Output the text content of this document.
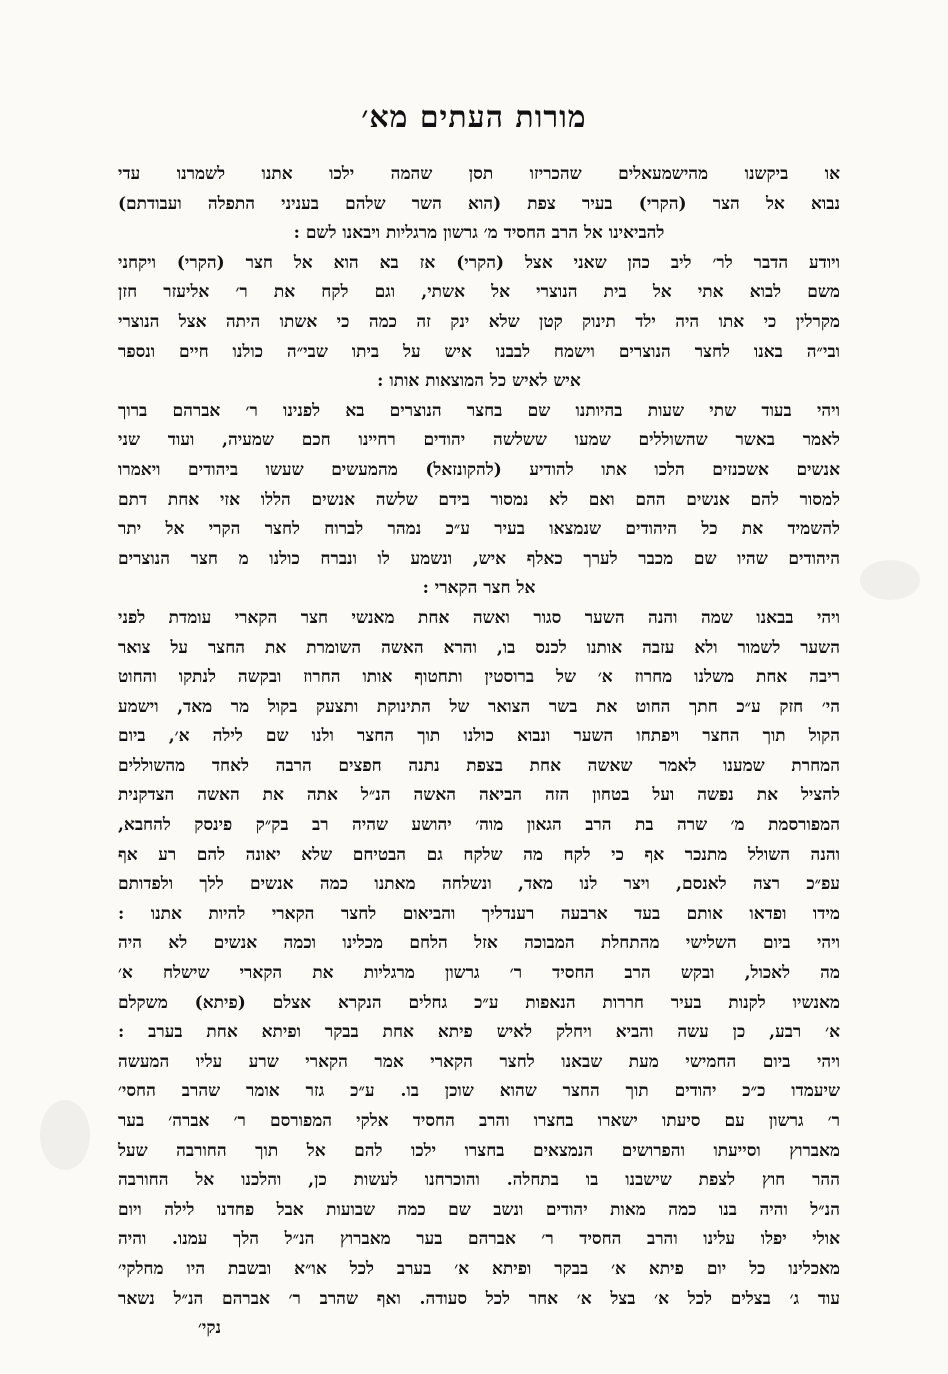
מורות העתים מא׳
או ביקשנו מהישמעאלים שהכריזו תסן שהמה ילכו אתנו לשמרנו עדי
נבוא אל הצר (הקרי) בעיר צפת (הוא השר שלהם בעניני התפלה ועבודתם)
להביאינו אל הרב החסיד מ׳ גרשון מרגליות ויבאנו לשם :
ויודע הדבר לר׳ ליב כהן שאני אצל (הקרי) אז בא הוא אל חצר (הקרי) ויקחני
משם לבוא אתי אל בית הנוצרי אל אשתי, וגם לקח את ר׳ אליעזר חזן
מקרלין כי אתו היה ילד תינוק קטן שלא ינק זה כמה כי אשתו היתה אצל הנוצרי
ובי״ה באנו לחצר הנוצרים וישמח לבבנו איש על ביתו שבי״ה כולנו חיים ונספר
איש לאיש כל המוצאות אותו :
ויהי בעוד שתי שעות בהיותנו שם בחצר הנוצרים בא לפנינו ר׳ אברהם ברוך
לאמר באשר שהשוללים שמעו ששלשה יהודים רחיינו חכם שמעיה, ועוד שני
אנשים אשכנזים הלכו אתו להודיע (להקונזאל) מהמעשים שעשו ביהודים ויאמרו
למסור להם אנשים ההם ואם לא נמסור בידם שלשה אנשים הללו אזי אחת דתם
להשמיד את כל היהודים שנמצאו בעיר ע״כ נמהר לברוח לחצר הקרי אל יתר
היהודים שהיו שם מכבר לערך כאלף איש, ונשמע לו ונברח כולנו מ חצר הנוצרים
אל חצר הקארי :
ויהי בבאנו שמה והנה השער סגור ואשה אחת מאנשי חצר הקארי עומדת לפני
השער לשמור ולא עזבה אותנו לכנס בו, והרא האשה השומרת את החצר על צואר
ריבה אחת משלנו מחרוז א׳ של ברוסטין ותחטוף אותו החרוז ובקשה לנתקו והחוט
הי׳ חזק ע״כ חתך החוט את בשר הצואר של התינוקת ותצעק בקול מר מאד, וישמע
הקול תוך החצר ויפתחו השער ונבוא כולנו תוך החצר ולנו שם לילה א׳, ביום
המחרת שמענו לאמר שאשה אחת בצפת נתנה חפצים הרבה לאחד מהשוללים
להציל את נפשה ועל בטחון הזה הביאה האשה הנ״ל אתה את האשה הצדקנית
המפורסמת מ׳ שרה בת הרב הגאון מוה׳ יהושע שהיה רב בק״ק פינסק להחבא,
והנה השולל מתנכר אף כי לקח מה שלקח גם הבטיחם שלא יאונה להם רע אף
עפ״כ רצה לאנסם, ויצר לנו מאד, ונשלחה מאתנו כמה אנשים ללך ולפדותם
מידו ופדאו אותם בעד ארבעה רענדליך והביאום לחצר הקארי להיות אתנו :
ויהי ביום השלישי מהתחלת המבוכה אזל הלחם מכלינו וכמה אנשים לא היה
מה לאכול, ובקש הרב החסיד ר׳ גרשון מרגליות את הקארי שישלח א׳
מאנשיו לקנות בעיר חררות הנאפות ע״כ גחלים הנקרא אצלם (פיתא) משקלם
א׳ רבע, כן עשה והביא ויחלק לאיש פיתא אחת בבקר ופיתא אחת בערב :
ויהי ביום החמישי מעת שבאנו לחצר הקארי אמר הקארי שרע עליו המעשה
שיעמדו כ״כ יהודים תוך החצר שהוא שוכן בו. ע״כ גזר אומר שהרב החסי׳
ר׳ גרשון עם סיעתו ישארו בחצרו והרב החסיד אלקי המפורסם ר׳ אברה׳ בער
מאברוץ וסייעתו והפרושים הנמצאים בחצרו ילכו להם אל תוך החורבה שעל
ההר חוץ לצפת שישבנו בו בתחלה. והוכרחנו לעשות כן, והלכנו אל החורבה
הנ״ל והיה בנו כמה מאות יהודים ונשב שם כמה שבועות אבל פחדנו לילה ויום
אולי יפלו עלינו והרב החסיד ר׳ אברהם בער מאברוץ הנ״ל הלך עמנו. והיה
מאכלינו כל יום פיתא א׳ בבקר ופיתא א׳ בערב לכל או״א ובשבת היו מחלקי׳
עוד ג׳ בצלים לכל א׳ בצל א׳ אחר לכל סעודה. ואף שהרב ר׳ אברהם הנ״ל נשאר
נקי׳
